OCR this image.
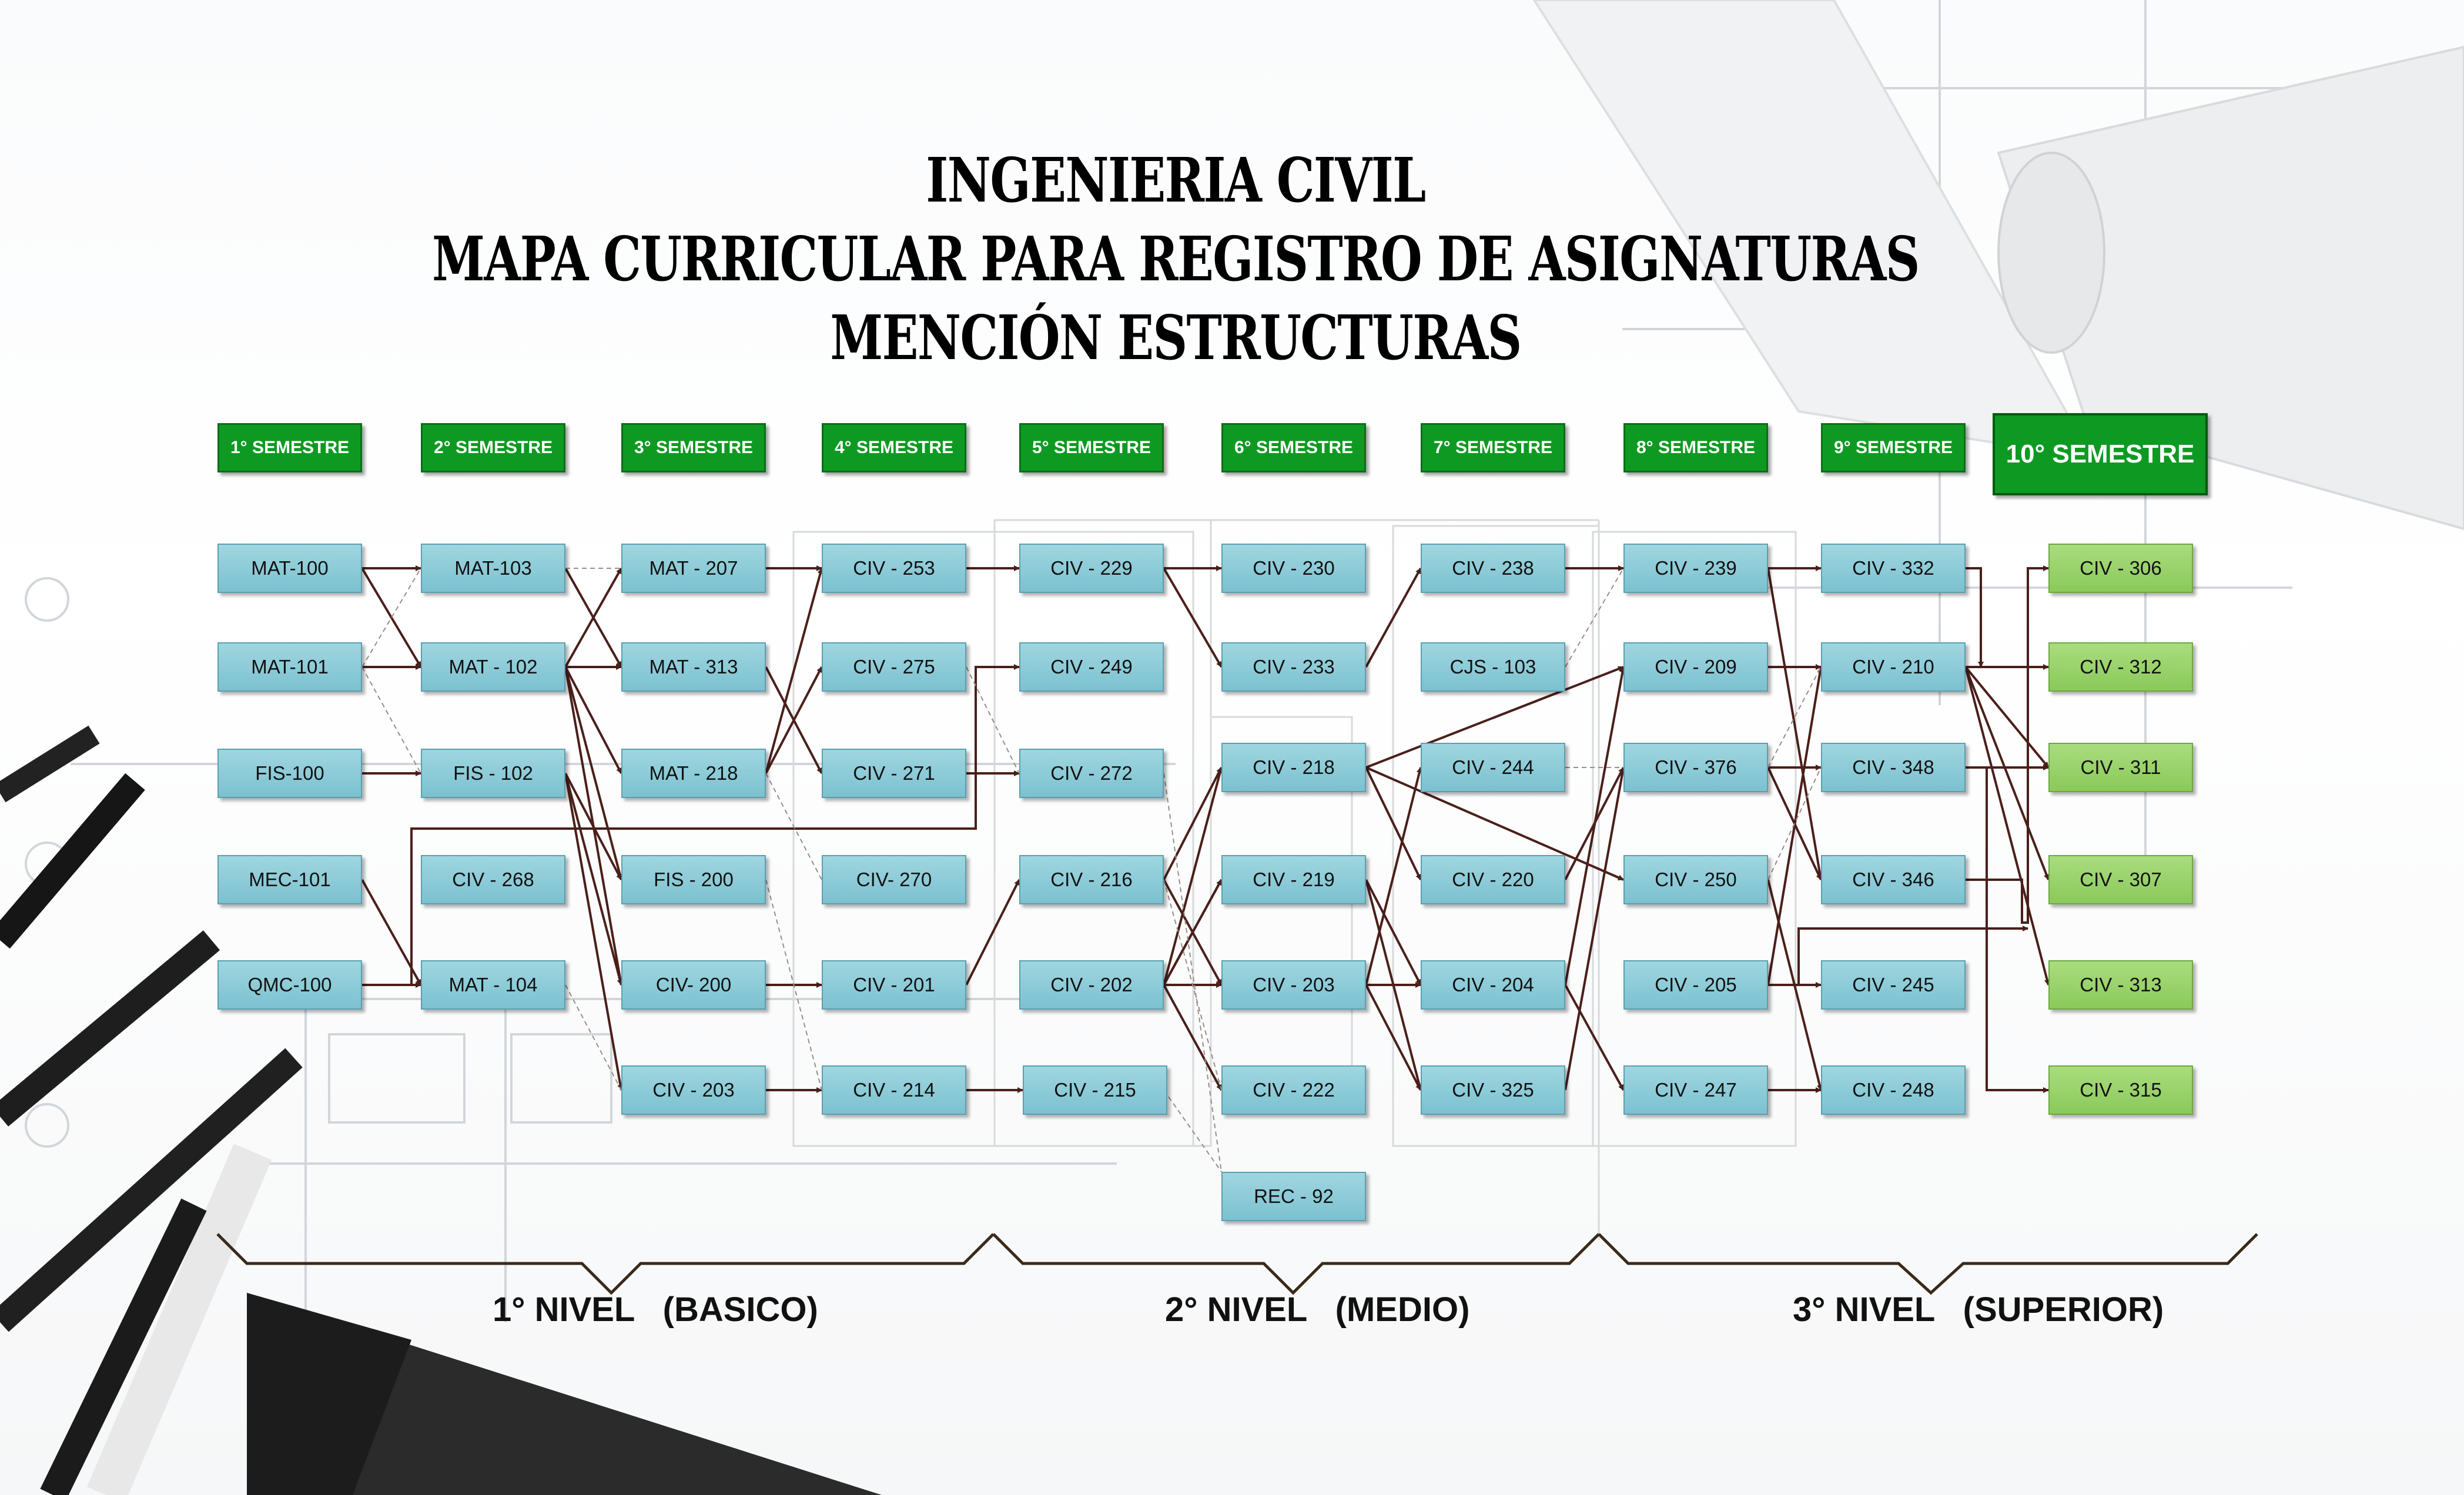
INGENIERIA CIVIL
MAPA CURRICULAR PARA REGISTRO DE ASIGNATURAS
MENCIÓN ESTRUCTURAS
1° SEMESTRE	2° SEMESTRE	3° SEMESTRE	4° SEMESTRE	5° SEMESTRE	6° SEMESTRE	7° SEMESTRE	8° SEMESTRE	9° SEMESTRE	10° SEMESTRE
MAT-100
MAT-101
FIS-100
MEC-101
QMC-100
MAT-103
MAT - 102
FIS - 102
CIV - 268
MAT - 104
MAT - 207
MAT - 313
MAT - 218
FIS - 200
CIV- 200
CIV - 203
CIV - 253
CIV - 275
CIV - 271
CIV- 270
CIV - 201
CIV - 214
CIV - 229
CIV - 249
CIV - 272
CIV - 216
CIV - 202
CIV - 215
CIV - 230
CIV - 233
CIV - 218
CIV - 219
CIV - 203
CIV - 222
REC - 92
CIV - 238
CJS - 103
CIV - 244
CIV - 220
CIV - 204
CIV - 325
CIV - 239
CIV - 209
CIV - 376
CIV - 250
CIV - 205
CIV - 247
CIV - 332
CIV - 210
CIV - 348
CIV - 346
CIV - 245
CIV - 248
CIV - 306
CIV - 312
CIV - 311
CIV - 307
CIV - 313
CIV - 315
1° NIVEL   (BASICO)	2° NIVEL   (MEDIO)	3° NIVEL   (SUPERIOR)
